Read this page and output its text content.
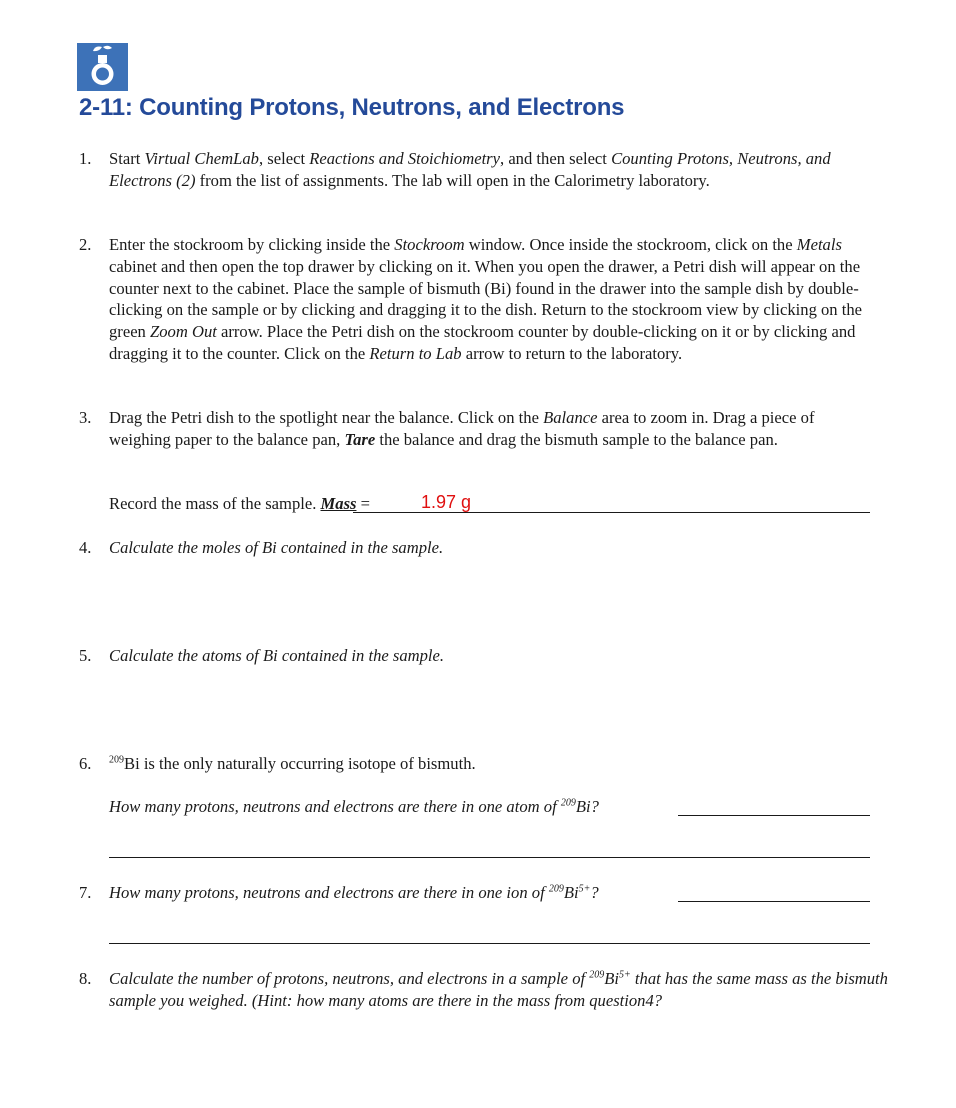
2-11: Counting Protons, Neutrons, and Electrons
1. Start Virtual ChemLab, select Reactions and Stoichiometry, and then select Counting Protons, Neutrons, and Electrons (2) from the list of assignments. The lab will open in the Calorimetry laboratory.
2. Enter the stockroom by clicking inside the Stockroom window. Once inside the stockroom, click on the Metals cabinet and then open the top drawer by clicking on it. When you open the drawer, a Petri dish will appear on the counter next to the cabinet. Place the sample of bismuth (Bi) found in the drawer into the sample dish by double-clicking on the sample or by clicking and dragging it to the dish. Return to the stockroom view by clicking on the green Zoom Out arrow. Place the Petri dish on the stockroom counter by double-clicking on it or by clicking and dragging it to the counter. Click on the Return to Lab arrow to return to the laboratory.
3. Drag the Petri dish to the spotlight near the balance. Click on the Balance area to zoom in. Drag a piece of weighing paper to the balance pan, Tare the balance and drag the bismuth sample to the balance pan.
Record the mass of the sample. Mass =	1.97 g
4. Calculate the moles of Bi contained in the sample.
5. Calculate the atoms of Bi contained in the sample.
6. $^{209}$Bi is the only naturally occurring isotope of bismuth.
How many protons, neutrons and electrons are there in one atom of $^{209}$Bi?
7. How many protons, neutrons and electrons are there in one ion of $^{209}Bi^{5+}$?
8. Calculate the number of protons, neutrons, and electrons in a sample of $^{209}Bi^{5+}$ that has the same mass as the bismuth sample you weighed. (Hint: how many atoms are there in the mass from question4?
